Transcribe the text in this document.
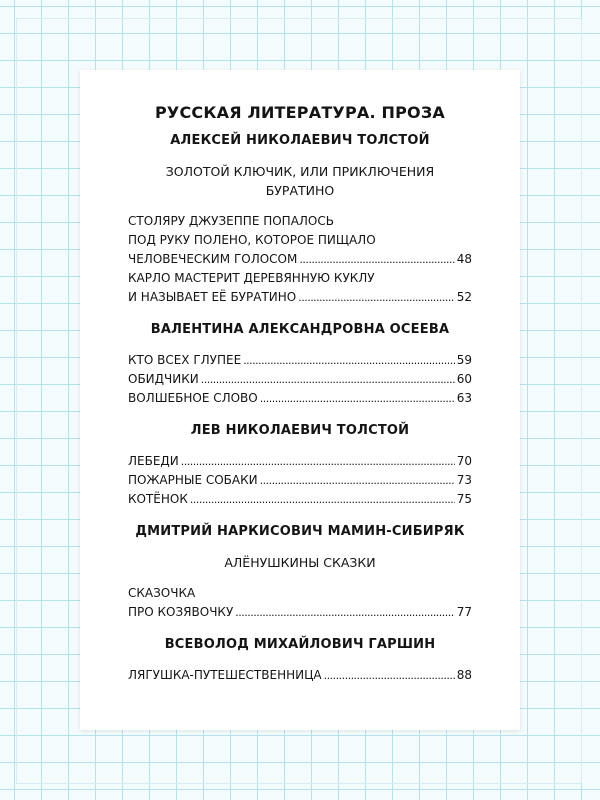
РУССКАЯ ЛИТЕРАТУРА. ПРОЗА
АЛЕКСЕЙ НИКОЛАЕВИЧ ТОЛСТОЙ
ЗОЛОТОЙ КЛЮЧИК, ИЛИ ПРИКЛЮЧЕНИЯ
БУРАТИНО
СТОЛЯРУ ДЖУЗЕППЕ ПОПАЛОСЬ
ПОД РУКУ ПОЛЕНО, КОТОРОЕ ПИЩАЛО
ЧЕЛОВЕЧЕСКИМ ГОЛОСОМ . . .	48
КАРЛО МАСТЕРИТ ДЕРЕВЯННУЮ КУКЛУ
И НАЗЫВАЕТ ЕЁ БУРАТИНО . . .	52
ВАЛЕНТИНА АЛЕКСАНДРОВНА ОСЕЕВА
КТО ВСЕХ ГЛУПЕЕ . . .	59
ОБИДЧИКИ . . .	60
ВОЛШЕБНОЕ СЛОВО . . .	63
ЛЕВ НИКОЛАЕВИЧ ТОЛСТОЙ
ЛЕБЕДИ . . .	70
ПОЖАРНЫЕ СОБАКИ . . .	73
КОТЁНОК . . .	75
ДМИТРИЙ НАРКИСОВИЧ МАМИН-СИБИРЯК
АЛЁНУШКИНЫ СКАЗКИ
СКАЗОЧКА
ПРО КОЗЯВОЧКУ . . .	77
ВСЕВОЛОД МИХАЙЛОВИЧ ГАРШИН
ЛЯГУШКА-ПУТЕШЕСТВЕННИЦА . . .	88
